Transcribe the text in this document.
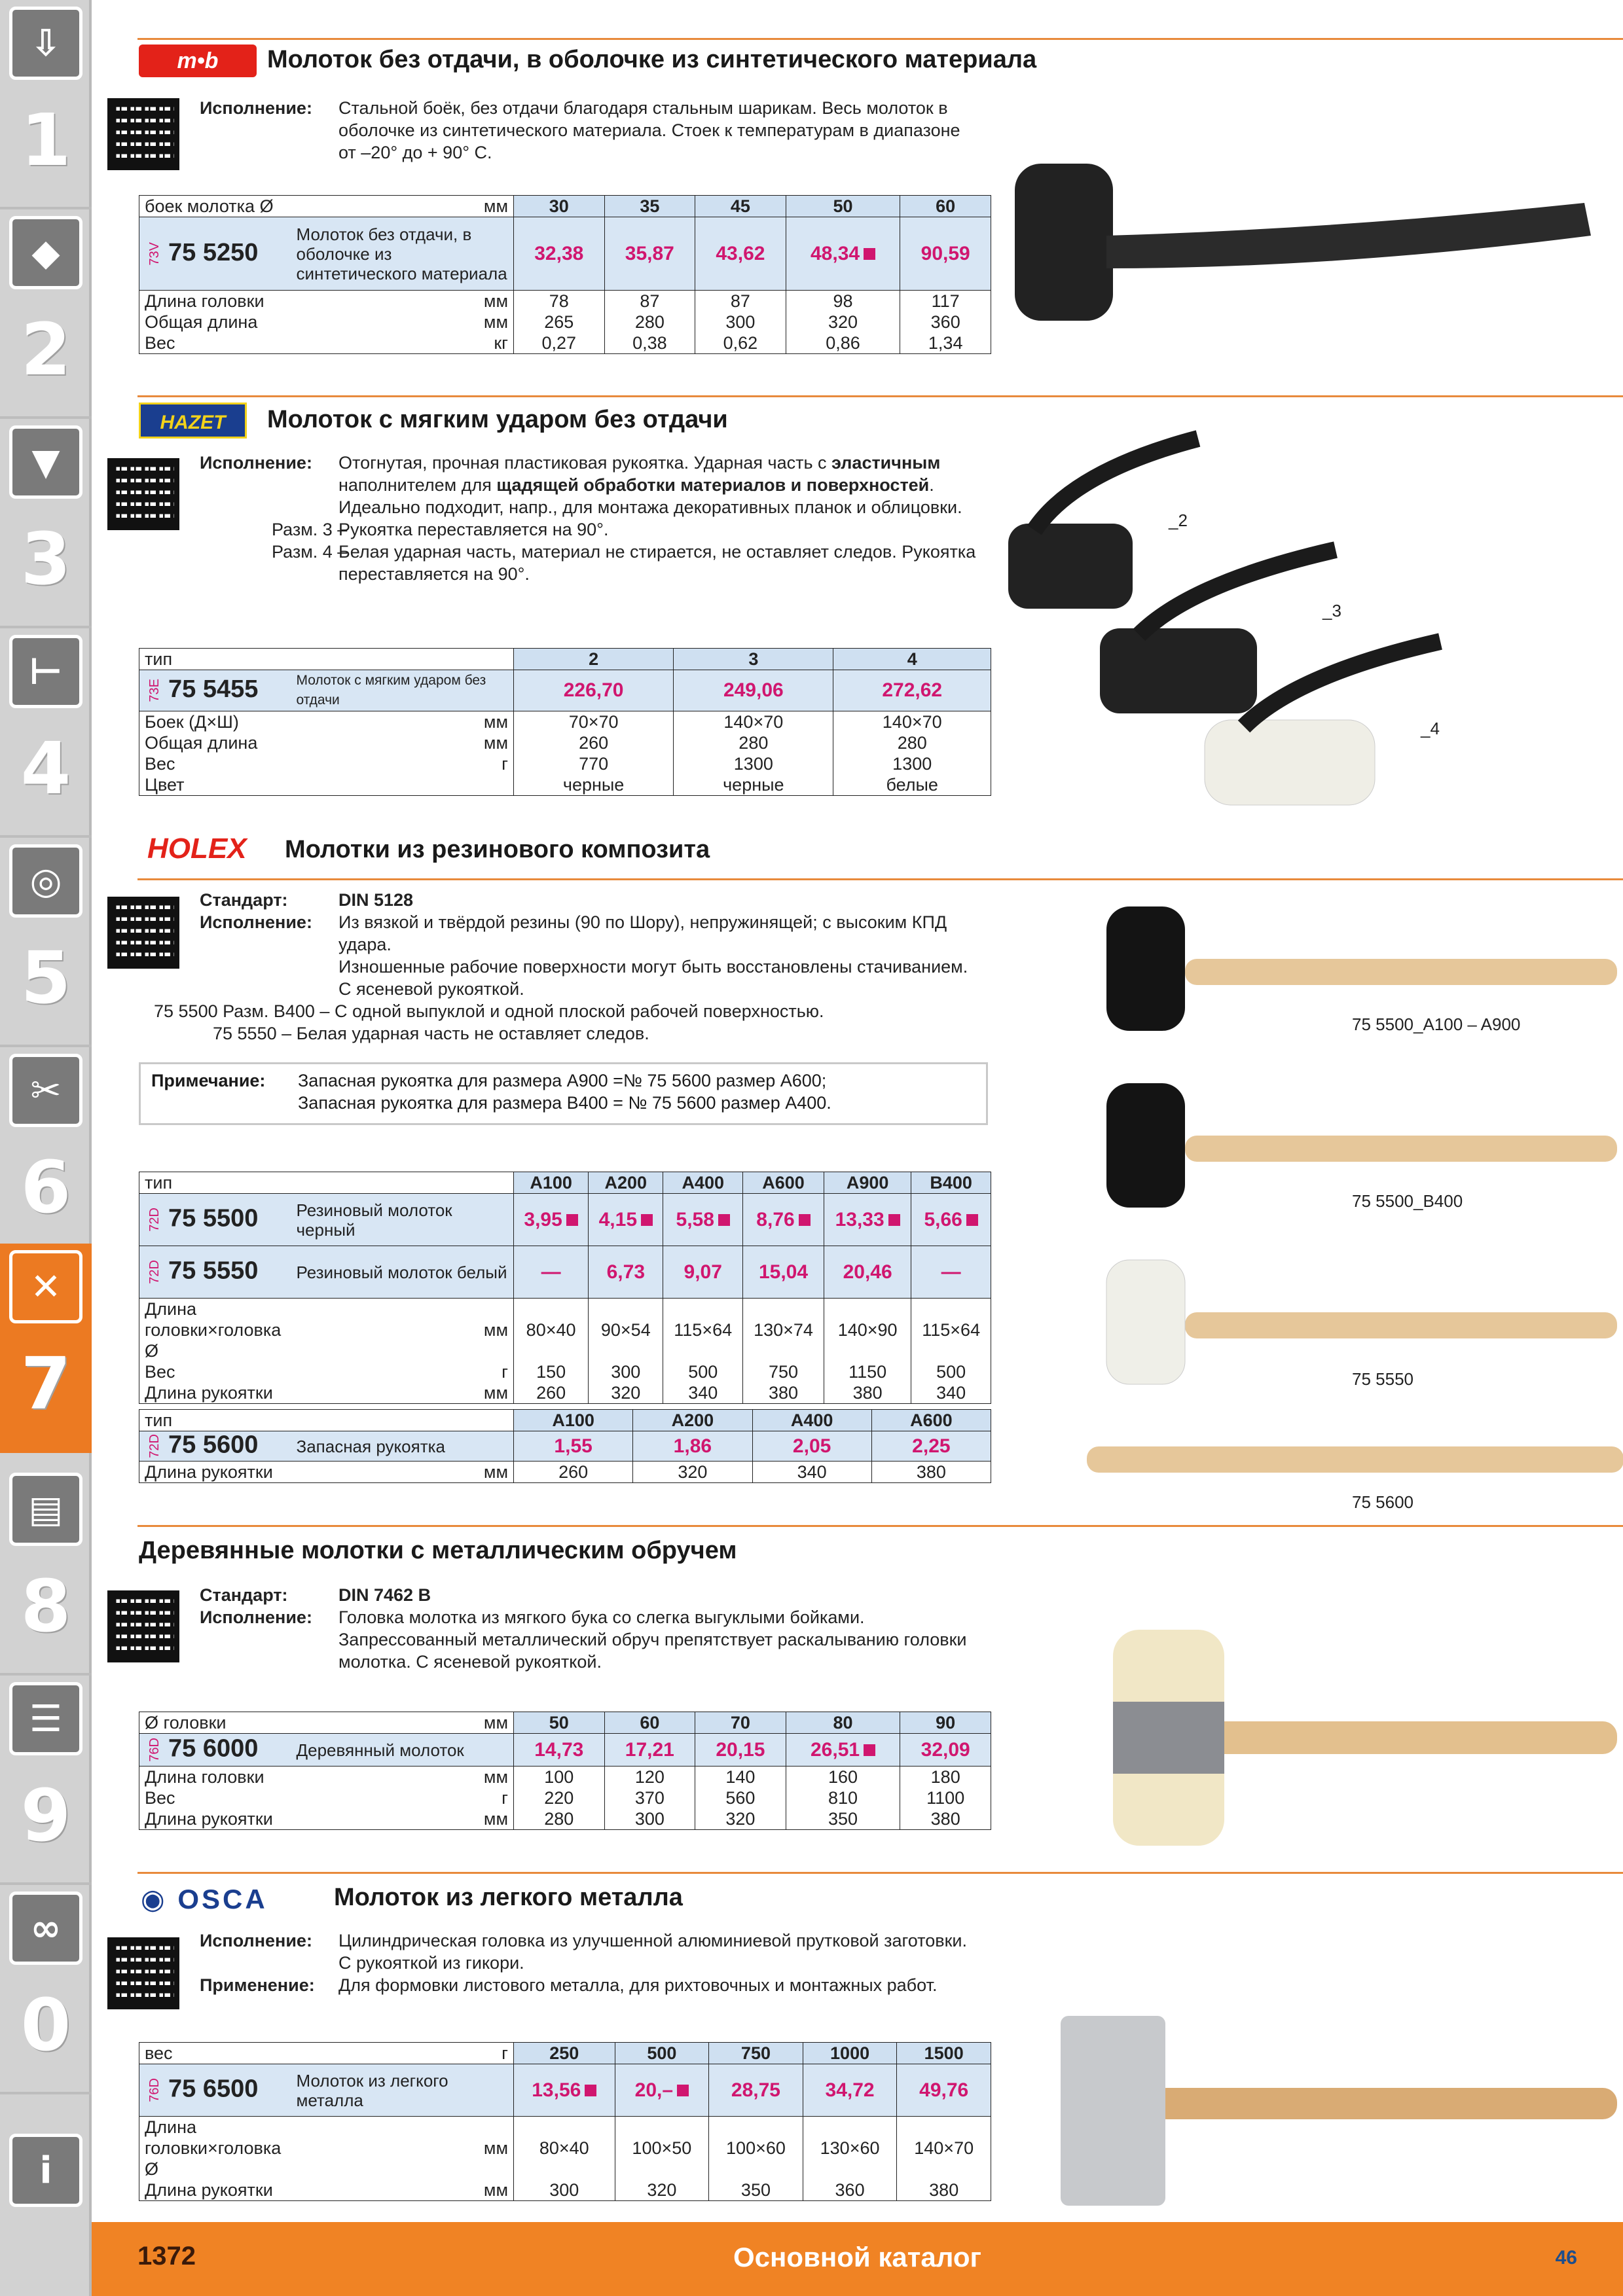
⇩
1
◆
2
▼
3
⊢
4
◎
5
✂
6
✕
7
▤
8
☰
9
∞
0
i
m•b	Молоток без отдачи, в оболочке из синтетического материала
Исполнение: Стальной боёк, без отдачи благодаря стальным шарикам. Весь молоток в оболочке из синтетического материала. Стоек к температурам в диапазоне от –20° до + 90° С.
боек молотка Ø мм		30	35	45	50	60
73V 75 5250	Молоток без отдачи, в оболочке из синтетического материала	32,38	35,87	43,62	48,34	90,59
Длина головки	мм	78	87	87	98	117
Общая длина	мм	265	280	300	320	360
Вес	кг	0,27	0,38	0,62	0,86	1,34
HAZET	Молоток с мягким ударом без отдачи
Исполнение: Отогнутая, прочная пластиковая рукоятка. Ударная часть с эластичным наполнителем для щадящей обработки материалов и поверхностей. Идеально подходит, напр., для монтажа декоративных планок и облицовки.
Разм. 3 –
Рукоятка переставляется на 90°.
Разм. 4 –
Белая ударная часть, материал не стирается, не оставляет следов. Рукоятка переставляется на 90°.
тип		2	3	4
73E 75 5455	Молоток с мягким ударом без отдачи	226,70	249,06	272,62
Боек (Д×Ш)	мм	70×70	140×70	140×70
Общая длина	мм	260	280	280
Вес	г	770	1300	1300
Цвет		черные	черные	белые
_2
_3
_4
HOLEX Молотки из резинового композита
Стандарт:	DIN 5128
Исполнение: Из вязкой и твёрдой резины (90 по Шору), непружинящей; с высоким КПД удара.
Изношенные рабочие поверхности могут быть восстановлены стачиванием.
С ясеневой рукояткой.
75 5500 Разм. B400 – С одной выпуклой и одной плоской рабочей поверхностью.
75 5550 – Белая ударная часть не оставляет следов.
Примечание: Запасная рукоятка для размера A900 =№ 75 5600 размер A600;
Запасная рукоятка для размера B400 = № 75 5600 размер A400.
тип		A100	A200	A400	A600	A900	B400
72D 75 5500	Резиновый молоток черный	3,95	4,15	5,58	8,76	13,33	5,66
72D 75 5550	Резиновый молоток белый	—	6,73	9,07	15,04	20,46	—
Длина головки×головка Ø	мм	80×40	90×54	115×64	130×74	140×90	115×64
Вес	г	150	300	500	750	1150	500
Длина рукоятки	мм	260	320	340	380	380	340
тип		A100	A200	A400	A600
72D 75 5600	Запасная рукоятка	1,55	1,86	2,05	2,25
Длина рукоятки	мм	260	320	340	380
75 5500_A100 – A900
75 5500_B400
75 5550
75 5600
Деревянные молотки с металлическим обручем
Стандарт:	DIN 7462 B
Исполнение: Головка молотка из мягкого бука со слегка выгуклыми бойками. Запрессованный металлический обруч препятствует раскалыванию головки молотка. С ясеневой рукояткой.
Ø головки мм		50	60	70	80	90
76D 75 6000	Деревянный молоток	14,73	17,21	20,15	26,51	32,09
Длина головки	мм	100	120	140	160	180
Вес	г	220	370	560	810	1100
Длина рукоятки	мм	280	300	320	350	380
◉ OSCA	Молоток из легкого металла
Исполнение: Цилиндрическая головка из улучшенной алюминиевой прутковой заготовки. С рукояткой из гикори.
Применение: Для формовки листового металла, для рихтовочных и монтажных работ.
вес г		250	500	750	1000	1500
76D 75 6500	Молоток из легкого металла	13,56	20,–	28,75	34,72	49,76
Длина головки×головка Ø	мм	80×40	100×50	100×60	130×60	140×70
Длина рукоятки	мм	300	320	350	360	380
1372	Основной каталог	46
